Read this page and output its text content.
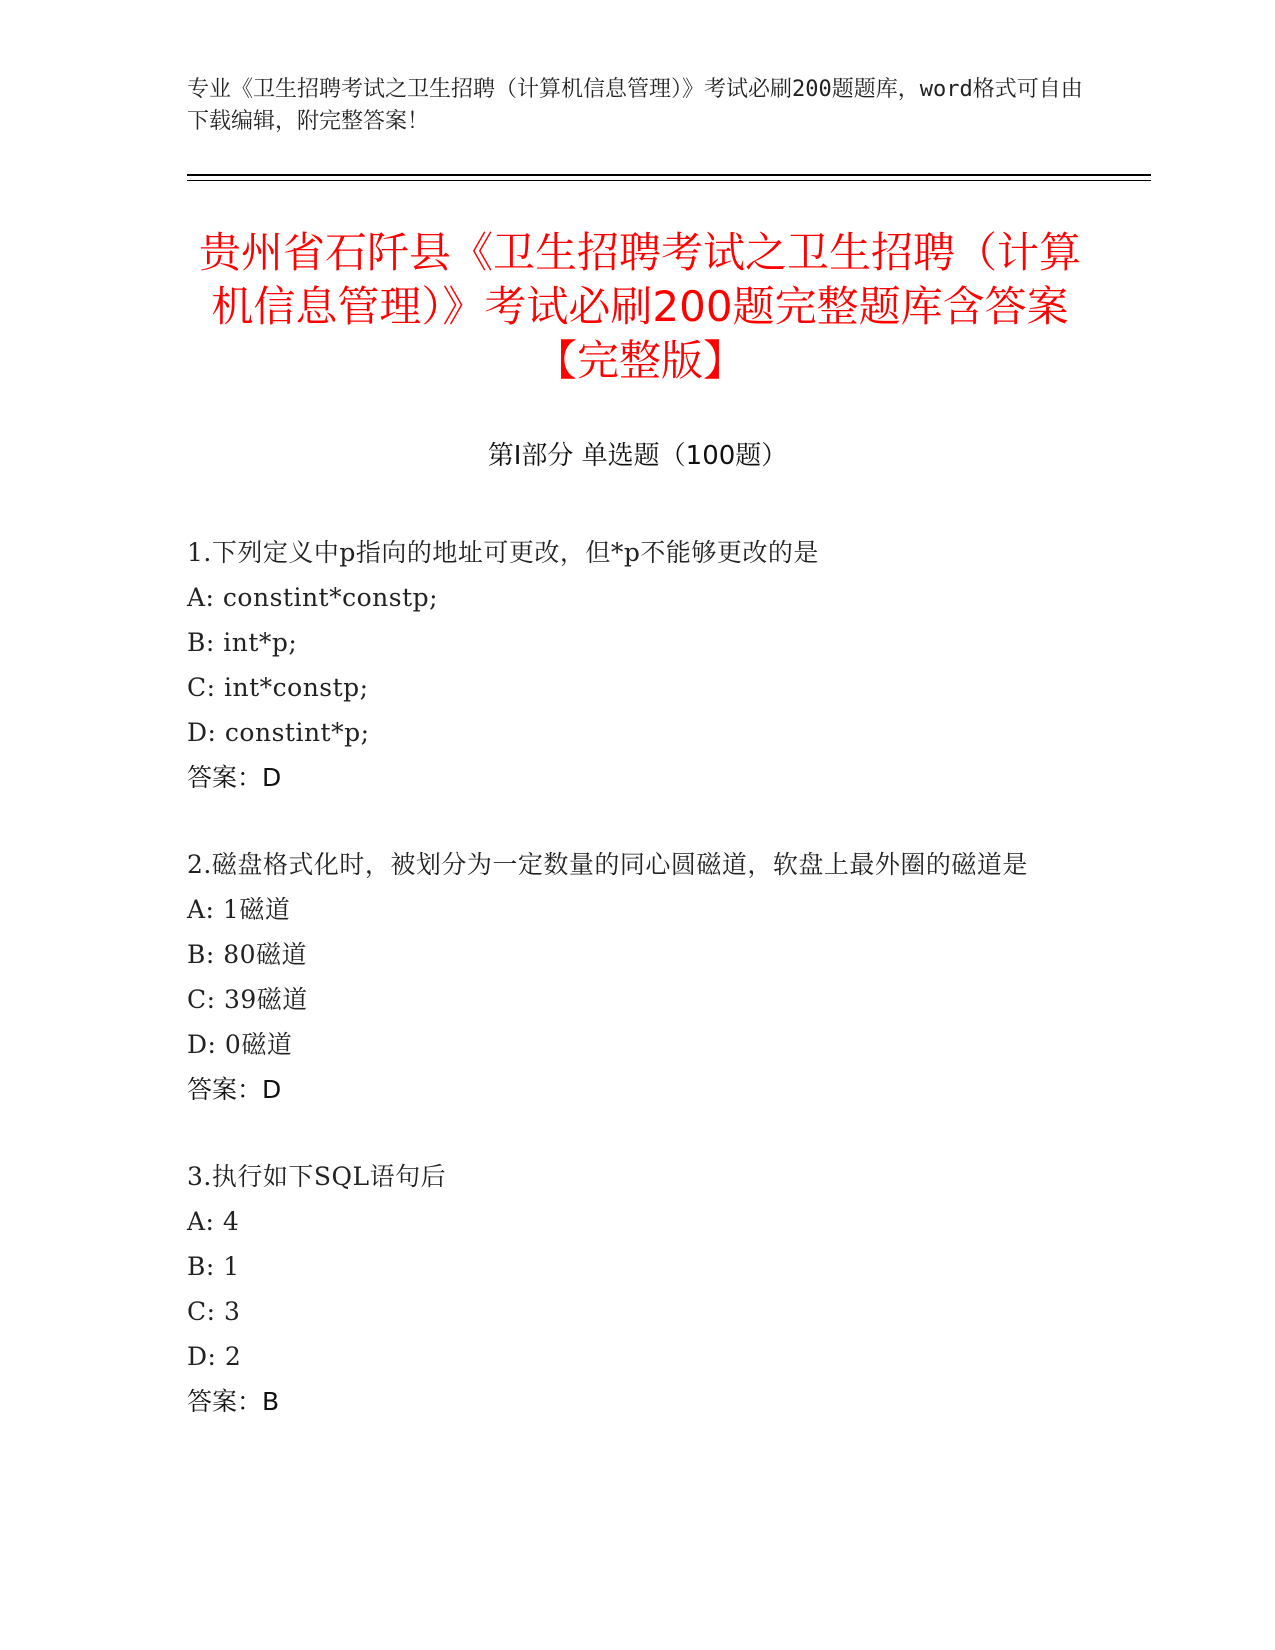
专业《卫生招聘考试之卫生招聘（计算机信息管理）》考试必刷200题题库，word格式可自由下载编辑，附完整答案！
贵州省石阡县《卫生招聘考试之卫生招聘（计算机信息管理）》考试必刷200题完整题库含答案【完整版】
第Ⅰ部分 单选题（100题）
1.下列定义中p指向的地址可更改，但*p不能够更改的是
A: constint*constp;
B: int*p;
C: int*constp;
D: constint*p;
答案：D
2.磁盘格式化时，被划分为一定数量的同心圆磁道，软盘上最外圈的磁道是
A: 1磁道
B: 80磁道
C: 39磁道
D: 0磁道
答案：D
3.执行如下SQL语句后
A: 4
B: 1
C: 3
D: 2
答案：B
